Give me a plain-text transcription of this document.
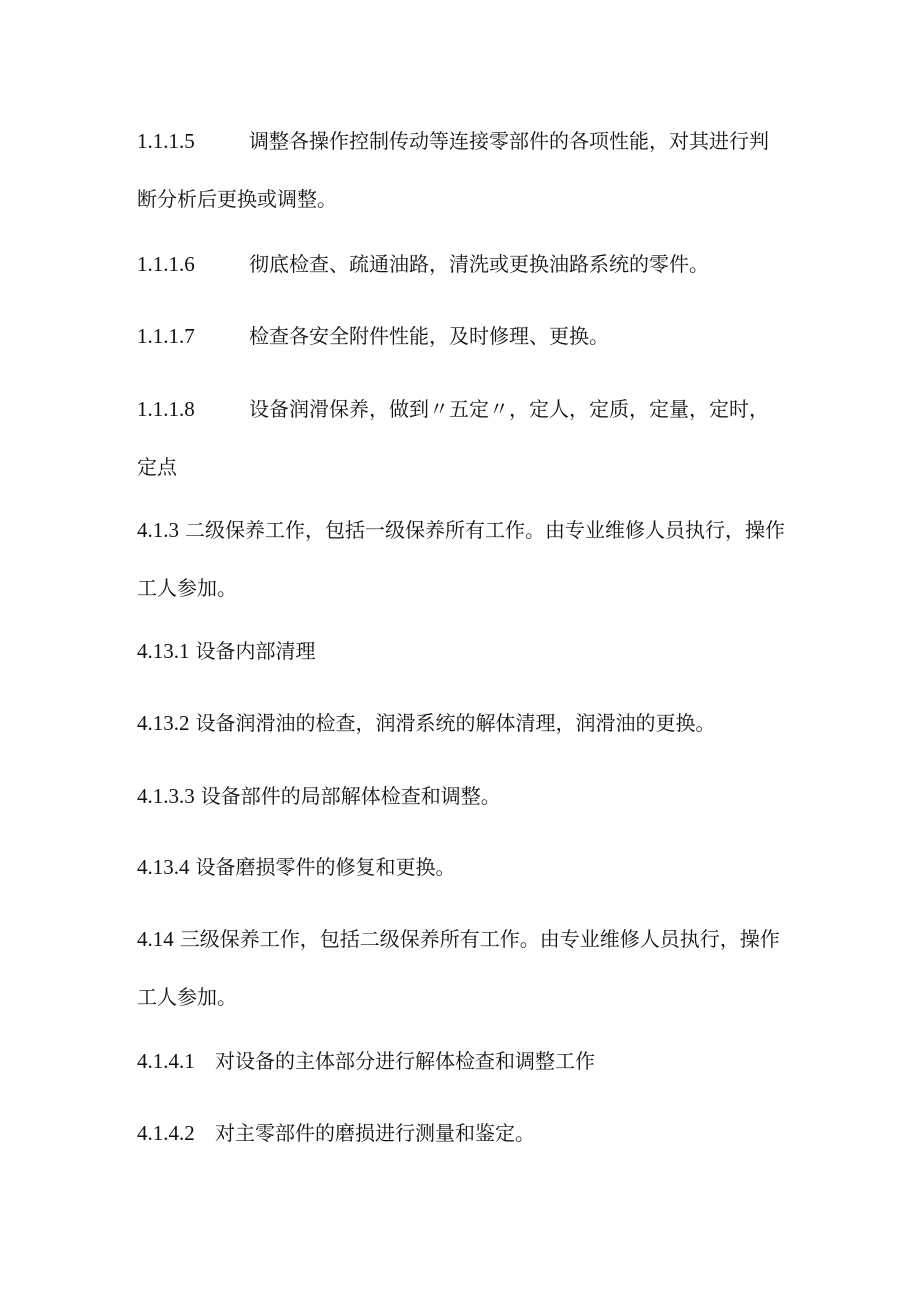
1.1.1.5	调整各操作控制传动等连接零部件的各项性能，对其进行判断分析后更换或调整。
1.1.1.6	彻底检查、疏通油路，清洗或更换油路系统的零件。
1.1.1.7	检查各安全附件性能，及时修理、更换。
1.1.1.8	设备润滑保养，做到〃五定〃，定人，定质，定量，定时，定点
4.1.3 二级保养工作，包括一级保养所有工作。由专业维修人员执行，操作工人参加。
4.13.1 设备内部清理
4.13.2 设备润滑油的检查，润滑系统的解体清理，润滑油的更换。
4.1.3.3 设备部件的局部解体检查和调整。
4.13.4 设备磨损零件的修复和更换。
4.14 三级保养工作，包括二级保养所有工作。由专业维修人员执行，操作工人参加。
4.1.4.1 对设备的主体部分进行解体检查和调整工作
4.1.4.2 对主零部件的磨损进行测量和鉴定。
